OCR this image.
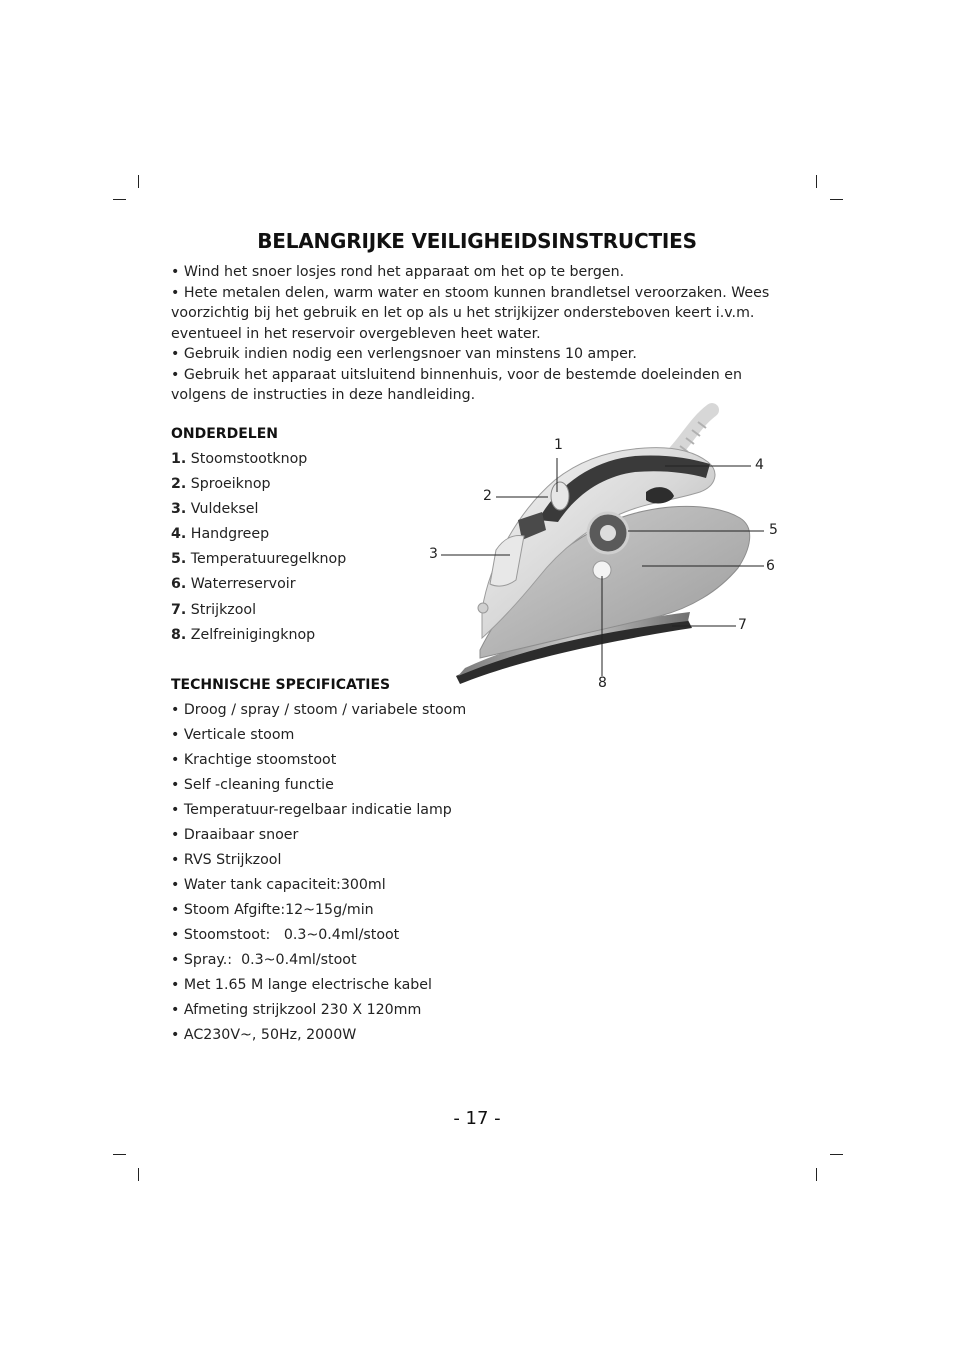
BELANGRIJKE VEILIGHEIDSINSTRUCTIES

• Wind het snoer losjes rond het apparaat om het op te bergen.

• Hete metalen delen, warm water en stoom kunnen brandletsel veroorzaken. Wees voorzichtig bij het gebruik en let op als u het strijkijzer ondersteboven keert i.v.m. eventueel in het reservoir overgebleven heet water.

• Gebruik indien nodig een verlengsnoer van minstens 10 amper.

• Gebruik het apparaat uitsluitend binnenhuis, voor de bestemde doeleinden en volgens de instructies in deze handleiding.

ONDERDELEN
1. Stoomstootknop
2. Sproeiknop
3. Vuldeksel
4. Handgreep
5. Temperatuuregelknop
6. Waterreservoir
7. Strijkzool
8. Zelfreinigingknop
TECHNISCHE SPECIFICATIES
• Droog / spray / stoom / variabele stoom
• Verticale stoom
• Krachtige stoomstoot
• Self -cleaning functie
• Temperatuur-regelbaar indicatie lamp
• Draaibaar snoer
• RVS Strijkzool
• Water tank capaciteit:300ml
• Stoom Afgifte:12~15g/min
• Stoomstoot:   0.3~0.4ml/stoot
• Spray.:  0.3~0.4ml/stoot
• Met 1.65 M lange electrische kabel
• Afmeting strijkzool 230 X 120mm
• AC230V~, 50Hz, 2000W
1
2
3
4
5
6
7
8
- 17 -
